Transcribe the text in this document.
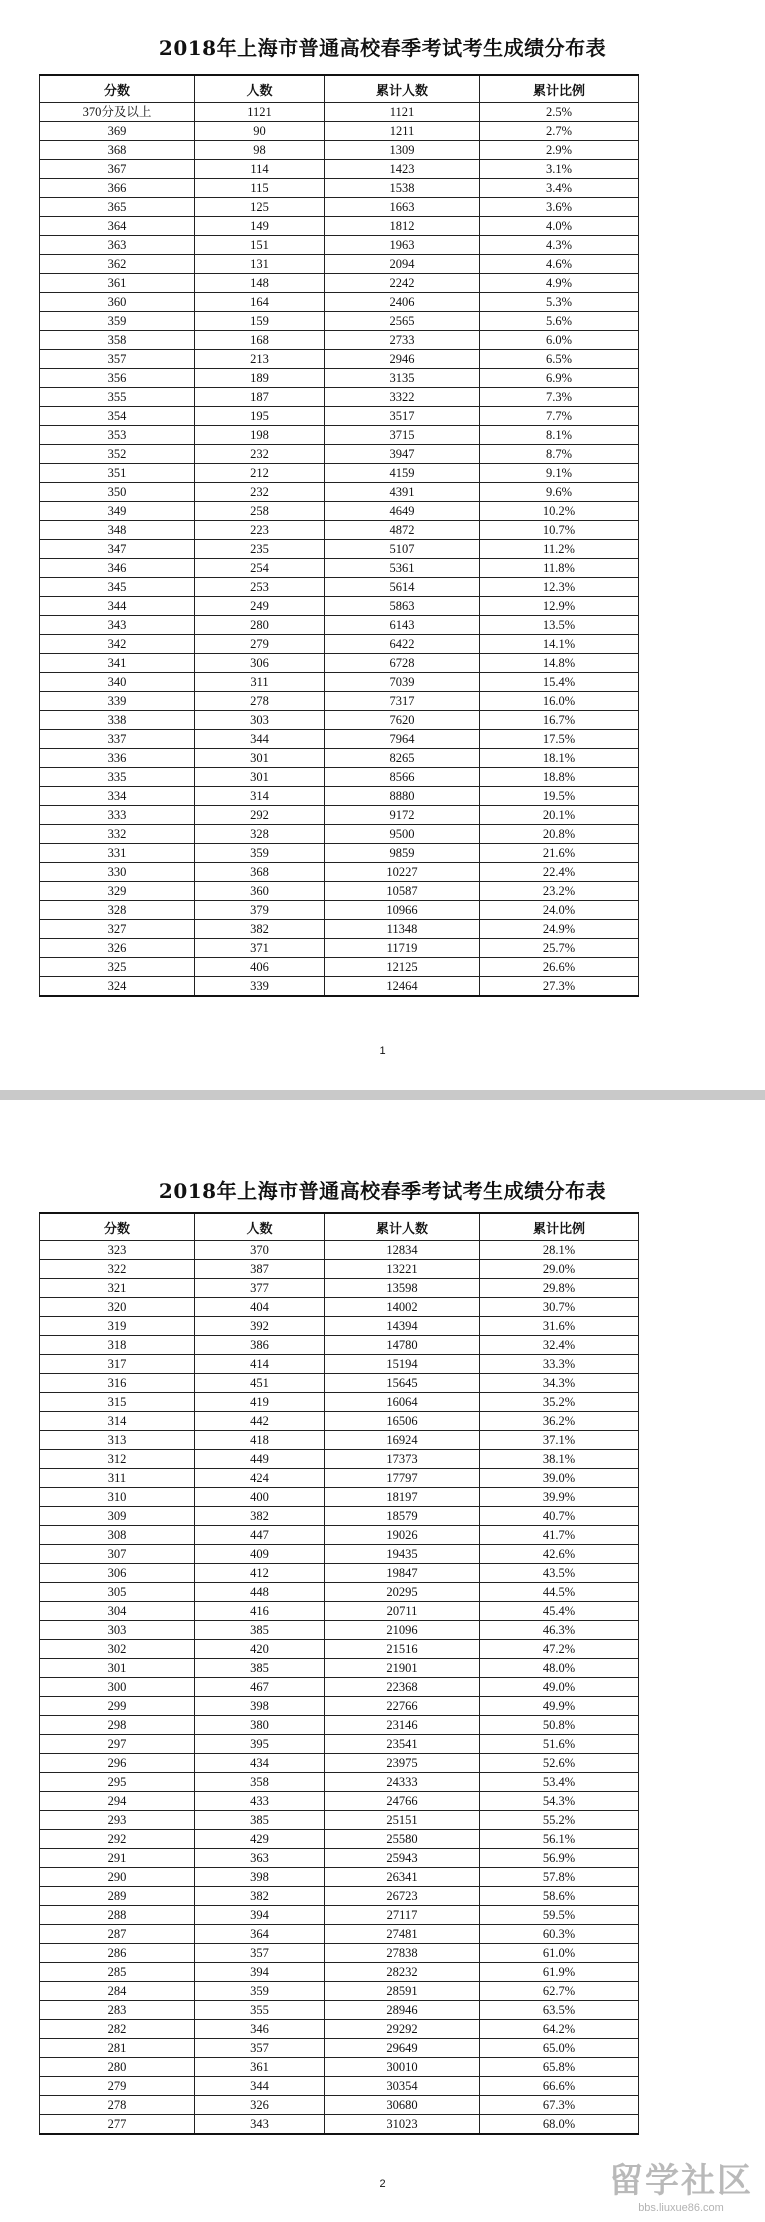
2018年上海市普通高校春季考试考生成绩分布表
分数	人数	累计人数	累计比例
370分及以上	1121	1121	2.5%
369	90	1211	2.7%
368	98	1309	2.9%
367	114	1423	3.1%
366	115	1538	3.4%
365	125	1663	3.6%
364	149	1812	4.0%
363	151	1963	4.3%
362	131	2094	4.6%
361	148	2242	4.9%
360	164	2406	5.3%
359	159	2565	5.6%
358	168	2733	6.0%
357	213	2946	6.5%
356	189	3135	6.9%
355	187	3322	7.3%
354	195	3517	7.7%
353	198	3715	8.1%
352	232	3947	8.7%
351	212	4159	9.1%
350	232	4391	9.6%
349	258	4649	10.2%
348	223	4872	10.7%
347	235	5107	11.2%
346	254	5361	11.8%
345	253	5614	12.3%
344	249	5863	12.9%
343	280	6143	13.5%
342	279	6422	14.1%
341	306	6728	14.8%
340	311	7039	15.4%
339	278	7317	16.0%
338	303	7620	16.7%
337	344	7964	17.5%
336	301	8265	18.1%
335	301	8566	18.8%
334	314	8880	19.5%
333	292	9172	20.1%
332	328	9500	20.8%
331	359	9859	21.6%
330	368	10227	22.4%
329	360	10587	23.2%
328	379	10966	24.0%
327	382	11348	24.9%
326	371	11719	25.7%
325	406	12125	26.6%
324	339	12464	27.3%
1
2018年上海市普通高校春季考试考生成绩分布表
分数	人数	累计人数	累计比例
323	370	12834	28.1%
322	387	13221	29.0%
321	377	13598	29.8%
320	404	14002	30.7%
319	392	14394	31.6%
318	386	14780	32.4%
317	414	15194	33.3%
316	451	15645	34.3%
315	419	16064	35.2%
314	442	16506	36.2%
313	418	16924	37.1%
312	449	17373	38.1%
311	424	17797	39.0%
310	400	18197	39.9%
309	382	18579	40.7%
308	447	19026	41.7%
307	409	19435	42.6%
306	412	19847	43.5%
305	448	20295	44.5%
304	416	20711	45.4%
303	385	21096	46.3%
302	420	21516	47.2%
301	385	21901	48.0%
300	467	22368	49.0%
299	398	22766	49.9%
298	380	23146	50.8%
297	395	23541	51.6%
296	434	23975	52.6%
295	358	24333	53.4%
294	433	24766	54.3%
293	385	25151	55.2%
292	429	25580	56.1%
291	363	25943	56.9%
290	398	26341	57.8%
289	382	26723	58.6%
288	394	27117	59.5%
287	364	27481	60.3%
286	357	27838	61.0%
285	394	28232	61.9%
284	359	28591	62.7%
283	355	28946	63.5%
282	346	29292	64.2%
281	357	29649	65.0%
280	361	30010	65.8%
279	344	30354	66.6%
278	326	30680	67.3%
277	343	31023	68.0%
2	留学社区
bbs.liuxue86.com
